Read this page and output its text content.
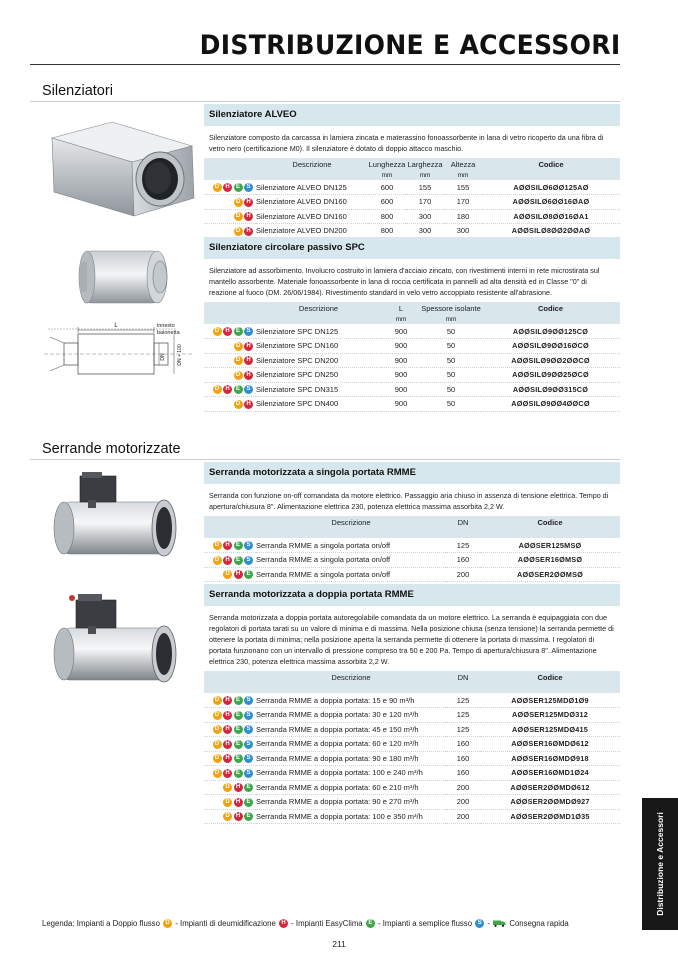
DISTRIBUZIONE E ACCESSORI
Silenziatori
Silenziatore ALVEO
Silenziatore composto da carcassa in lamiera zincata e materassino fonoassorbente in lana di vetro ricoperto da una fibra di vetro nero (certificazione M0). Il silenziatore è dotato di doppio attacco maschio.
	Descrizione	Lunghezza	Larghezza	Altezza	Codice
		mm	mm	mm	
D H E S	Silenziatore ALVEO DN125	600	155	155	AØØSILØ6ØØ125AØ
D H	Silenziatore ALVEO DN160	600	170	170	AØØSILØ6ØØ16ØAØ
D H	Silenziatore ALVEO DN160	800	300	180	AØØSILØ8ØØ16ØA1
D H	Silenziatore ALVEO DN200	800	300	300	AØØSILØ8ØØ2ØØAØ
L
DN DN + 100
innesto baionetta
Silenziatore circolare passivo SPC
Silenziatore ad assorbimento. Involucro costruito in lamiera d'acciaio zincato, con rivestimenti interni in rete microstirata sul mantello assorbente. Materiale fonoassorbente in lana di roccia certificata in pannelli ad alta densità ed in Classe "0" di reazione al fuoco (DM. 26/06/1984). Rivestimento standard in velo vetro accoppiato resistente all'abrasione.
	Descrizione	L	Spessore isolante	Codice
		mm	mm	
D H E S	Silenziatore SPC DN125	900	50	AØØSILØ9ØØ125CØ
D H	Silenziatore SPC DN160	900	50	AØØSILØ9ØØ16ØCØ
D H	Silenziatore SPC DN200	900	50	AØØSILØ9ØØ2ØØCØ
D H	Silenziatore SPC DN250	900	50	AØØSILØ9ØØ25ØCØ
D H E S	Silenziatore SPC DN315	900	50	AØØSILØ9ØØ315CØ
D H	Silenziatore SPC DN400	900	50	AØØSILØ9ØØ4ØØCØ
Serrande motorizzate
Serranda motorizzata a singola portata RMME
Serranda con funzione on-off comandata da motore elettrico. Passaggio aria chiuso in assenza di tensione elettrica. Tempo di apertura/chiusura 8". Alimentazione elettrica 230, potenza elettrica massima assorbita 2,2 W.
	Descrizione	DN	Codice

D H E S	Serranda RMME a singola portata on/off	125	AØØSER125MSØ
D H E S	Serranda RMME a singola portata on/off	160	AØØSER16ØMSØ
D H E	Serranda RMME a singola portata on/off	200	AØØSER2ØØMSØ
Serranda motorizzata a doppia portata RMME
Serranda motorizzata a doppia portata autoregolabile comandata da un motore elettrico. La serranda è equipaggiata con due regolatori di portata tarati su un valore di minima e di massima. Nella posizione chiusa (senza tensione) la serranda permette di ottenere la portata di minima; nella posizione aperta la serranda permette di ottenere la portata di massima. I regolatori di portata funzionano con un intervallo di pressione compreso tra 50 e 200 Pa. Tempo di apertura/chiusura 8". Alimentazione elettrica 230, potenza elettrica massima assorbita 2,2 W.
	Descrizione	DN	Codice

D H E S	Serranda RMME a doppia portata: 15 e 90 m³/h	125	AØØSER125MDØ1Ø9
D H E S	Serranda RMME a doppia portata: 30 e 120 m³/h	125	AØØSER125MDØ312
D H E S	Serranda RMME a doppia portata: 45 e 150 m³/h	125	AØØSER125MDØ415
D H E S	Serranda RMME a doppia portata: 60 e 120 m³/h	160	AØØSER16ØMDØ612
D H E S	Serranda RMME a doppia portata: 90 e 180 m³/h	160	AØØSER16ØMDØ918
D H E S	Serranda RMME a doppia portata: 100 e 240 m³/h	160	AØØSER16ØMD1Ø24
D H E	Serranda RMME a doppia portata: 60 e 210 m³/h	200	AØØSER2ØØMDØ612
D H E	Serranda RMME a doppia portata: 90 e 270 m³/h	200	AØØSER2ØØMDØ927
D H E	Serranda RMME a doppia portata: 100 e 350 m³/h	200	AØØSER2ØØMD1Ø35	Distribuzione e Accessori
Legenda: Impianti a Doppio flusso D - Impianti di deumidificazione H - Impianti EasyClima E - Impianti a semplice flusso S -  Consegna rapida
211
